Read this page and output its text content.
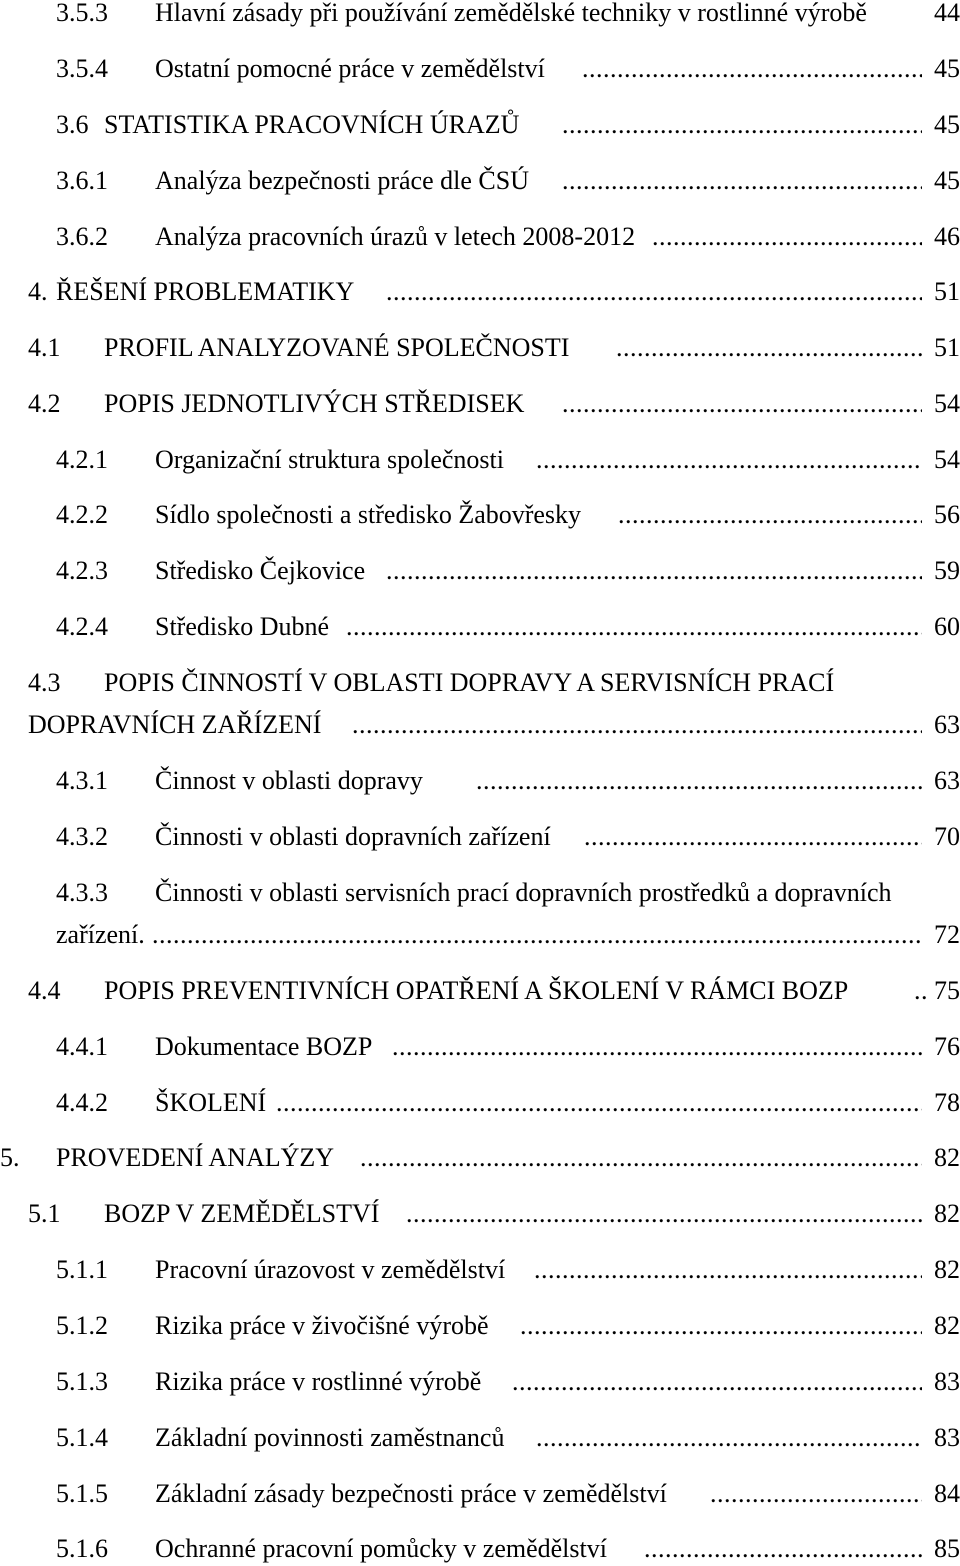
3.5.3 Hlavní zásady při používání zemědělské techniky v rostlinné výrobě	44
3.5.4 Ostatní pomocné práce v zemědělství .....	45
3.6 STATISTIKA PRACOVNÍCH ÚRAZŮ .....	45
3.6.1 Analýza bezpečnosti práce dle ČSÚ .....	45
3.6.2 Analýza pracovních úrazů v letech 2008-2012 .....	46
4. ŘEŠENÍ PROBLEMATIKY .....	51
4.1 PROFIL ANALYZOVANÉ SPOLEČNOSTI .....	51
4.2 POPIS JEDNOTLIVÝCH STŘEDISEK .....	54
4.2.1 Organizační struktura společnosti .....	54
4.2.2 Sídlo společnosti a středisko Žabovřesky .....	56
4.2.3 Středisko Čejkovice .....	59
4.2.4 Středisko Dubné .....	60
4.3 POPIS ČINNOSTÍ V OBLASTI DOPRAVY A SERVISNÍCH PRACÍ
DOPRAVNÍCH ZAŘÍZENÍ .....	63
4.3.1 Činnost v oblasti dopravy .....	63
4.3.2 Činnosti v oblasti dopravních zařízení .....	70
4.3.3 Činnosti v oblasti servisních prací dopravních prostředků a dopravních
zařízení. .....	72
4.4 POPIS PREVENTIVNÍCH OPATŘENÍ A ŠKOLENÍ V RÁMCI BOZP .....	75
4.4.1 Dokumentace BOZP .....	76
4.4.2 ŠKOLENÍ .....	78
5. PROVEDENÍ ANALÝZY .....	82
5.1 BOZP V ZEMĚDĚLSTVÍ .....	82
5.1.1 Pracovní úrazovost v zemědělství .....	82
5.1.2 Rizika práce v živočišné výrobě .....	82
5.1.3 Rizika práce v rostlinné výrobě .....	83
5.1.4 Základní povinnosti zaměstnanců .....	83
5.1.5 Základní zásady bezpečnosti práce v zemědělství .....	84
5.1.6 Ochranné pracovní pomůcky v zemědělství .....	85
